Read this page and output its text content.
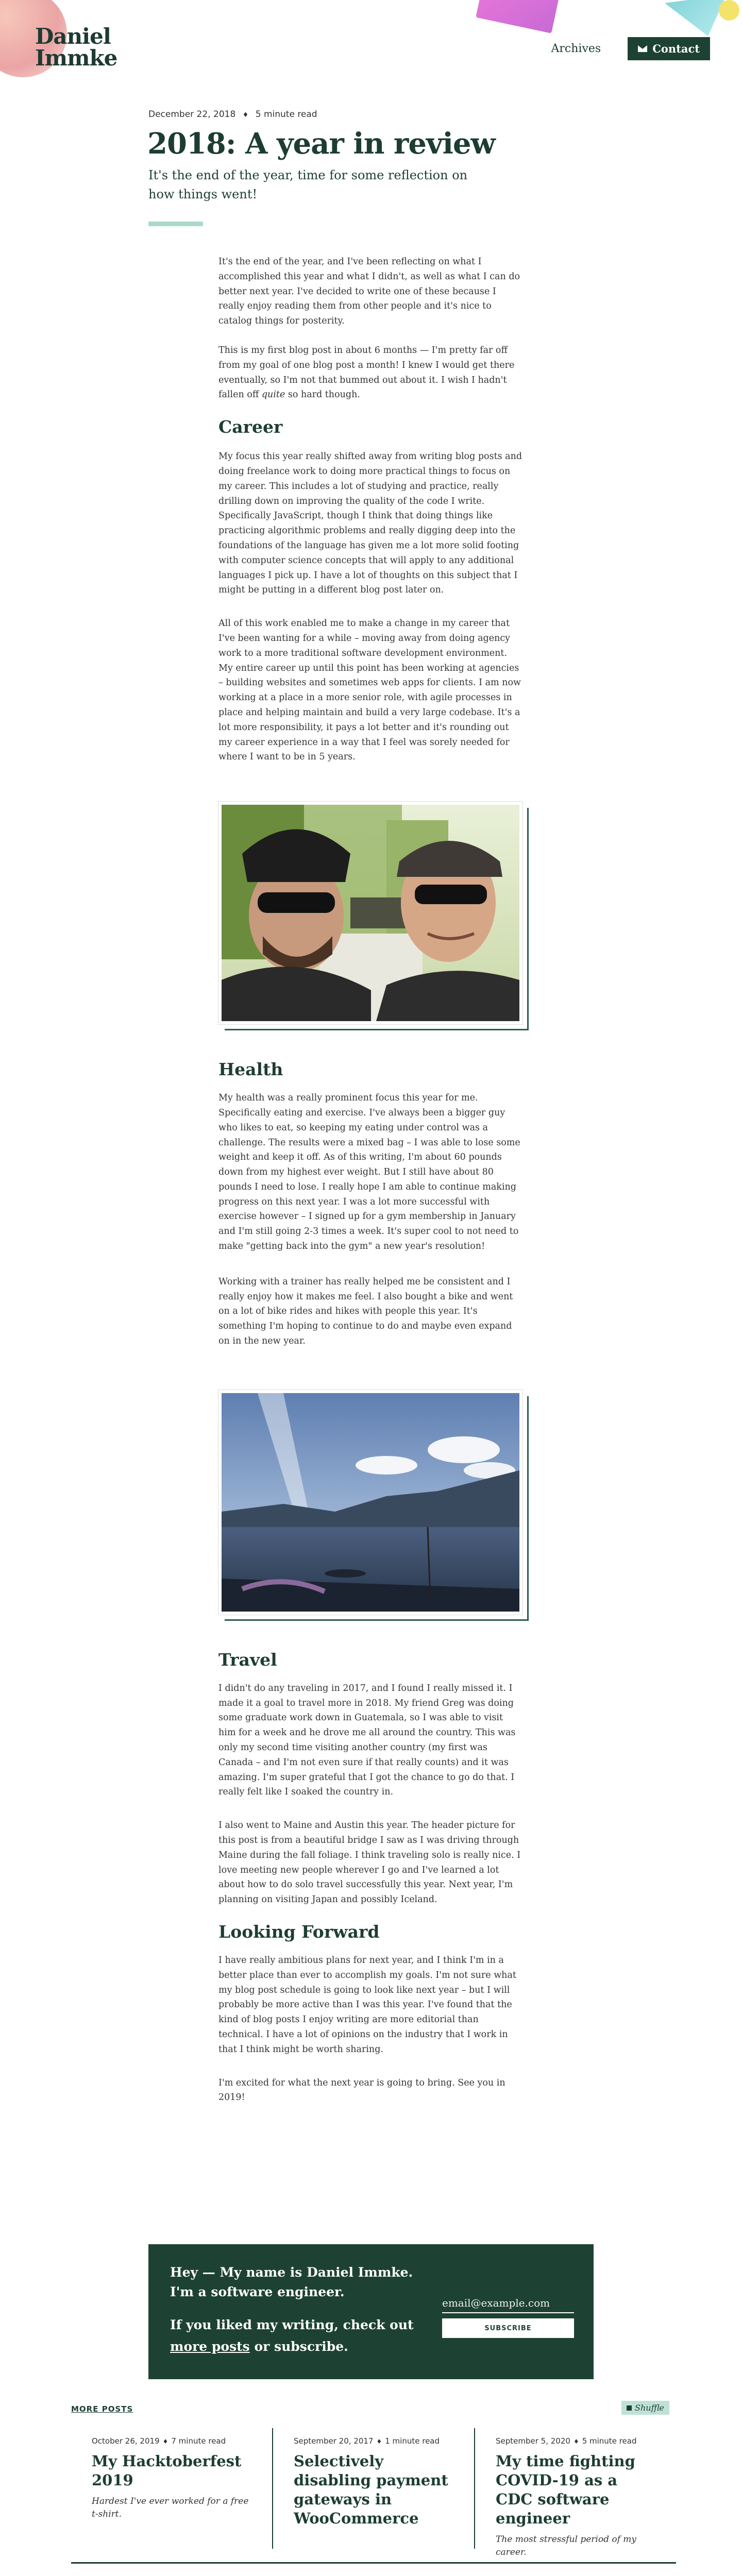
Daniel
Immke	Archives	Contact
December 22, 2018 ♦ 5 minute read
2018: A year in review

It's the end of the year, time for some reflection on how things went!

It's the end of the year, and I've been reflecting on what I accomplished this year and what I didn't, as well as what I can do better next year. I've decided to write one of these because I really enjoy reading them from other people and it's nice to catalog things for posterity.

This is my first blog post in about 6 months — I'm pretty far off from my goal of one blog post a month! I knew I would get there eventually, so I'm not that bummed out about it. I wish I hadn't fallen off quite so hard though.

Career

My focus this year really shifted away from writing blog posts and doing freelance work to doing more practical things to focus on my career. This includes a lot of studying and practice, really drilling down on improving the quality of the code I write. Specifically JavaScript, though I think that doing things like practicing algorithmic problems and really digging deep into the foundations of the language has given me a lot more solid footing with computer science concepts that will apply to any additional languages I pick up. I have a lot of thoughts on this subject that I might be putting in a different blog post later on.

All of this work enabled me to make a change in my career that I've been wanting for a while – moving away from doing agency work to a more traditional software development environment. My entire career up until this point has been working at agencies – building websites and sometimes web apps for clients. I am now working at a place in a more senior role, with agile processes in place and helping maintain and build a very large codebase. It's a lot more responsibility, it pays a lot better and it's rounding out my career experience in a way that I feel was sorely needed for where I want to be in 5 years.

Health

My health was a really prominent focus this year for me. Specifically eating and exercise. I've always been a bigger guy who likes to eat, so keeping my eating under control was a challenge. The results were a mixed bag – I was able to lose some weight and keep it off. As of this writing, I'm about 60 pounds down from my highest ever weight. But I still have about 80 pounds I need to lose. I really hope I am able to continue making progress on this next year. I was a lot more successful with exercise however – I signed up for a gym membership in January and I'm still going 2-3 times a week. It's super cool to not need to make "getting back into the gym" a new year's resolution!

Working with a trainer has really helped me be consistent and I really enjoy how it makes me feel. I also bought a bike and went on a lot of bike rides and hikes with people this year. It's something I'm hoping to continue to do and maybe even expand on in the new year.

Travel

I didn't do any traveling in 2017, and I found I really missed it. I made it a goal to travel more in 2018. My friend Greg was doing some graduate work down in Guatemala, so I was able to visit him for a week and he drove me all around the country. This was only my second time visiting another country (my first was Canada – and I'm not even sure if that really counts) and it was amazing. I'm super grateful that I got the chance to go do that. I really felt like I soaked the country in.

I also went to Maine and Austin this year. The header picture for this post is from a beautiful bridge I saw as I was driving through Maine during the fall foliage. I think traveling solo is really nice. I love meeting new people wherever I go and I've learned a lot about how to do solo travel successfully this year. Next year, I'm planning on visiting Japan and possibly Iceland.

Looking Forward

I have really ambitious plans for next year, and I think I'm in a better place than ever to accomplish my goals. I'm not sure what my blog post schedule is going to look like next year – but I will probably be more active than I was this year. I've found that the kind of blog posts I enjoy writing are more editorial than technical. I have a lot of opinions on the industry that I work in that I think might be worth sharing.

I'm excited for what the next year is going to bring. See you in 2019!

Hey — My name is Daniel Immke. I'm a software engineer.

If you liked my writing, check out more posts or subscribe.

email@example.com
SUBSCRIBE
MORE POSTS	Shuffle
October 26, 2019 ♦ 7 minute read
My Hacktoberfest 2019
Hardest I've ever worked for a free t-shirt.
September 20, 2017 ♦ 1 minute read
Selectively disabling payment gateways in WooCommerce
September 5, 2020 ♦ 5 minute read
My time fighting COVID-19 as a CDC software engineer
The most stressful period of my career.
